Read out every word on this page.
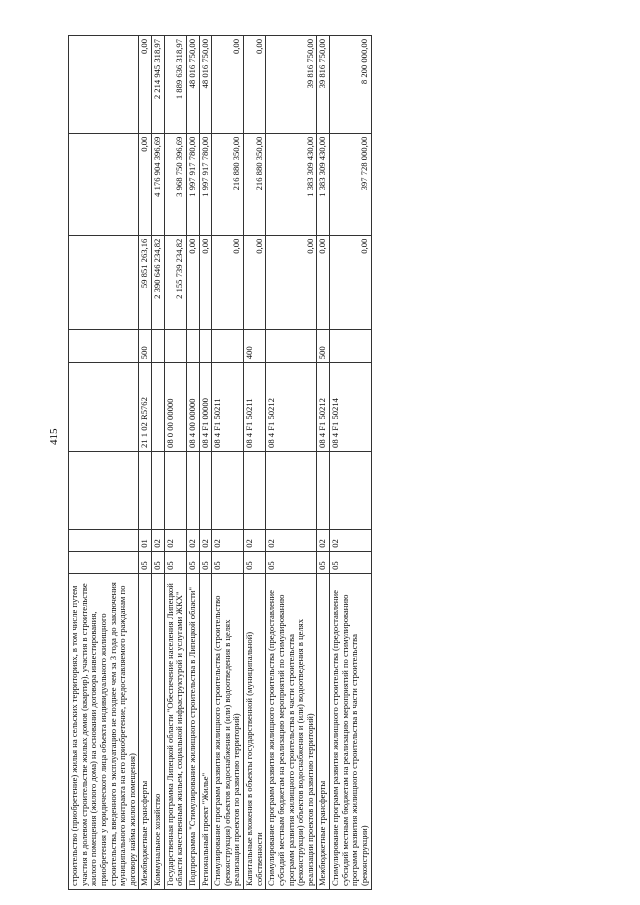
415
строительство (приобретение) жилья на сельских территориях, в том числе путем участия в долевом строительстве жилых домов (квартир), участия в строительстве жилого помещения (жилого дома) на основании договора инвестирования, приобретения у юридического лица объекта индивидуального жилищного строительства, введенного в эксплуатацию не позднее чем за 3 года до заключения муниципального контракта на его приобретение, предоставляемого гражданам по договору найма жилого помещения)								
Межбюджетные трансферты	05	01		21 1 02 R5762	500	59 851 263,16	0,00	0,00
Коммунальное хозяйство	05	02				2 390 646 234,82	4 176 904 396,69	2 214 945 318,97
Государственная программа Липецкой области "Обеспечение населения Липецкой области качественным жильем, социальной инфраструктурой и услугами ЖКХ"	05	02		08 0 00 00000		2 155 739 234,82	3 968 750 396,69	1 889 636 318,97
Подпрограмма "Стимулирование жилищного строительства в Липецкой области"	05	02		08 4 00 00000		0,00	1 997 917 780,00	48 016 750,00
Региональный проект "Жилье"	05	02		08 4 F1 00000		0,00	1 997 917 780,00	48 016 750,00
Стимулирование программ развития жилищного строительства (строительство (реконструкция) объектов водоснабжения и (или) водоотведения в целях реализации проектов по развитию территорий)	05	02		08 4 F1 50211		0,00	216 880 350,00	0,00
Капитальные вложения в объекты государственной (муниципальной) собственности	05	02		08 4 F1 50211	400	0,00	216 880 350,00	0,00
Стимулирование программ развития жилищного строительства (предоставление субсидий местным бюджетам на реализацию мероприятий по стимулированию программ развития жилищного строительства в части строительства (реконструкции) объектов водоснабжения и (или) водоотведения в целях реализации проектов по развитию территорий)	05	02		08 4 F1 50212		0,00	1 383 309 430,00	39 816 750,00
Межбюджетные трансферты	05	02		08 4 F1 50212	500	0,00	1 383 309 430,00	39 816 750,00
Стимулирование программ развития жилищного строительства (предоставление субсидий местным бюджетам на реализацию мероприятий по стимулированию программ развития жилищного строительства в части строительства (реконструкции)	05	02		08 4 F1 50214		0,00	397 728 000,00	8 200 000,00
